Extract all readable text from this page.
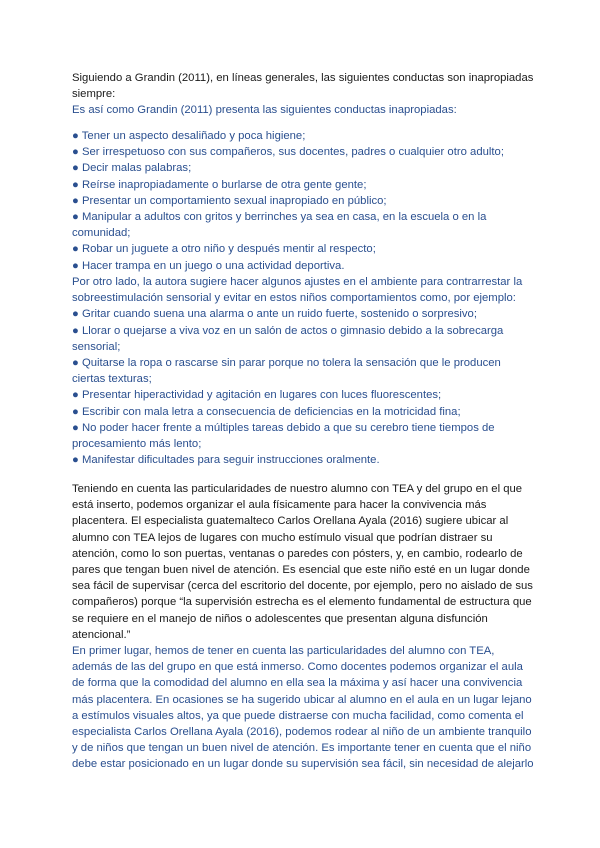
Siguiendo a Grandin (2011), en líneas generales, las siguientes conductas son inapropiadas
siempre:
Es así como Grandin (2011) presenta las siguientes conductas inapropiadas:
● Tener un aspecto desaliñado y poca higiene;
● Ser irrespetuoso con sus compañeros, sus docentes, padres o cualquier otro adulto;
● Decir malas palabras;
● Reírse inapropiadamente o burlarse de otra gente gente;
● Presentar un comportamiento sexual inapropiado en público;
● Manipular a adultos con gritos y berrinches ya sea en casa, en la escuela o en la
comunidad;
● Robar un juguete a otro niño y después mentir al respecto;
● Hacer trampa en un juego o una actividad deportiva.
Por otro lado, la autora sugiere hacer algunos ajustes en el ambiente para contrarrestar la
sobreestimulación sensorial y evitar en estos niños comportamientos como, por ejemplo:
● Gritar cuando suena una alarma o ante un ruido fuerte, sostenido o sorpresivo;
● Llorar o quejarse a viva voz en un salón de actos o gimnasio debido a la sobrecarga
sensorial;
● Quitarse la ropa o rascarse sin parar porque no tolera la sensación que le producen
ciertas texturas;
● Presentar hiperactividad y agitación en lugares con luces fluorescentes;
● Escribir con mala letra a consecuencia de deficiencias en la motricidad fina;
● No poder hacer frente a múltiples tareas debido a que su cerebro tiene tiempos de
procesamiento más lento;
● Manifestar dificultades para seguir instrucciones oralmente.
Teniendo en cuenta las particularidades de nuestro alumno con TEA y del grupo en el que
está inserto, podemos organizar el aula físicamente para hacer la convivencia más
placentera. El especialista guatemalteco Carlos Orellana Ayala (2016) sugiere ubicar al
alumno con TEA lejos de lugares con mucho estímulo visual que podrían distraer su
atención, como lo son puertas, ventanas o paredes con pósters, y, en cambio, rodearlo de
pares que tengan buen nivel de atención. Es esencial que este niño esté en un lugar donde
sea fácil de supervisar (cerca del escritorio del docente, por ejemplo, pero no aislado de sus
compañeros) porque “la supervisión estrecha es el elemento fundamental de estructura que
se requiere en el manejo de niños o adolescentes que presentan alguna disfunción
atencional.”
En primer lugar, hemos de tener en cuenta las particularidades del alumno con TEA,
además de las del grupo en que está inmerso. Como docentes podemos organizar el aula
de forma que la comodidad del alumno en ella sea la máxima y así hacer una convivencia
más placentera. En ocasiones se ha sugerido ubicar al alumno en el aula en un lugar lejano
a estímulos visuales altos, ya que puede distraerse con mucha facilidad, como comenta el
especialista Carlos Orellana Ayala (2016), podemos rodear al niño de un ambiente tranquilo
y de niños que tengan un buen nivel de atención. Es importante tener en cuenta que el niño
debe estar posicionado en un lugar donde su supervisión sea fácil, sin necesidad de alejarlo
